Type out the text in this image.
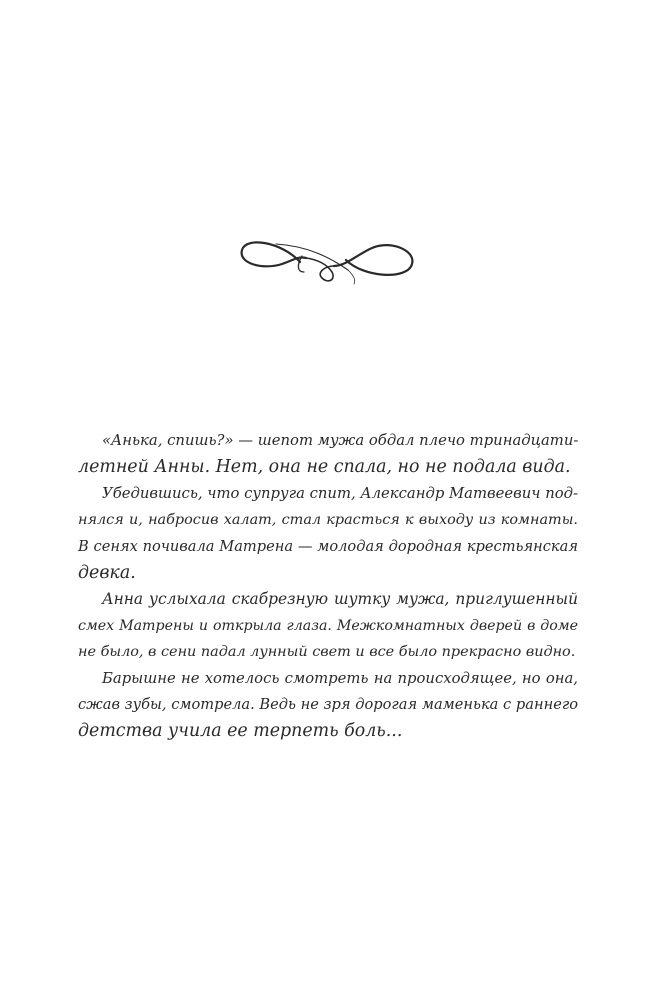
«Анька, спишь?» — шепот мужа обдал плечо тринадцати-
летней Анны. Нет, она не спала, но не подала вида.
Убедившись, что супруга спит, Александр Матвеевич под-
нялся и, набросив халат, стал красться к выходу из комнаты.
В сенях почивала Матрена — молодая дородная крестьянская
девка.
Анна услыхала скабрезную шутку мужа, приглушенный
смех Матрены и открыла глаза. Межкомнатных дверей в доме
не было, в сени падал лунный свет и все было прекрасно видно.
Барышне не хотелось смотреть на происходящее, но она,
сжав зубы, смотрела. Ведь не зря дорогая маменька с раннего
детства учила ее терпеть боль...
